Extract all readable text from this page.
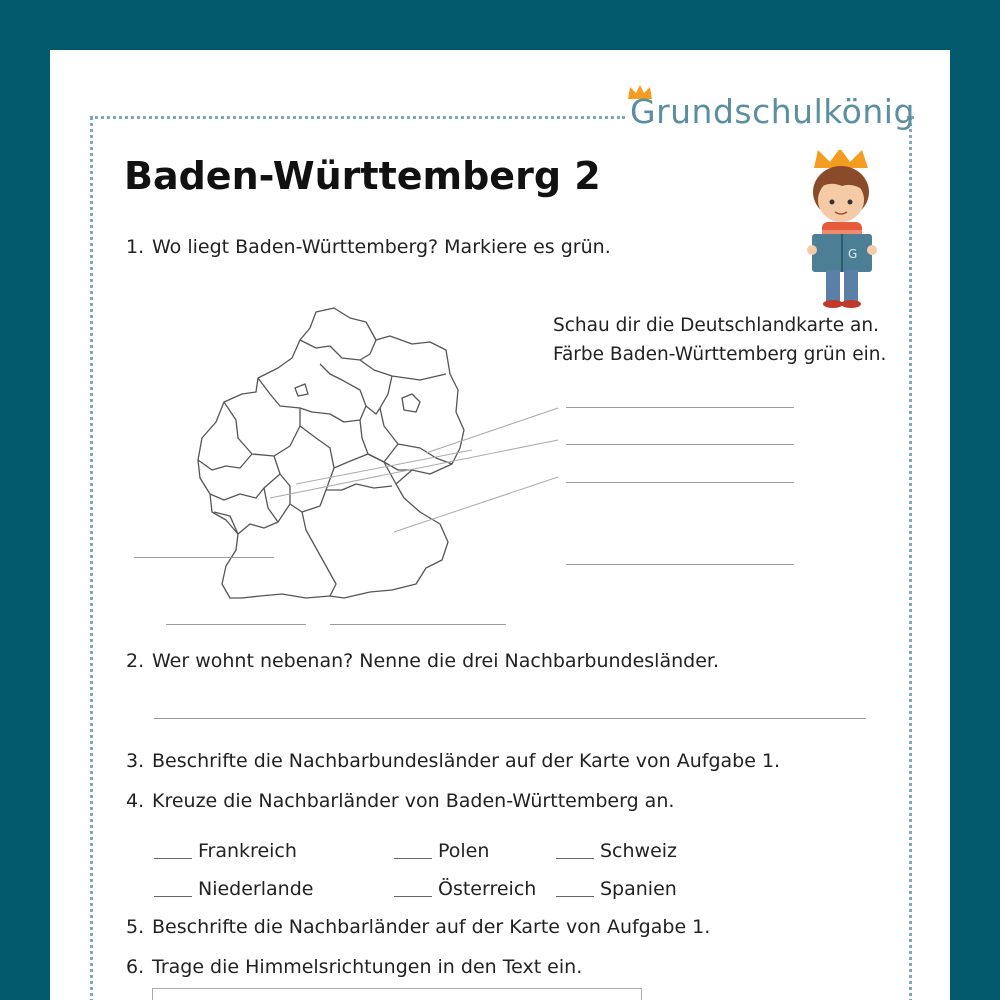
Grundschulkönig
Baden-Württemberg 2
G
1. Wo liegt Baden-Württemberg? Markiere es grün.
Schau dir die Deutschlandkarte an.
Färbe Baden-Württemberg grün ein.
2. Wer wohnt nebenan? Nenne die drei Nachbarbundesländer.
3. Beschrifte die Nachbarbundesländer auf der Karte von Aufgabe 1.
4. Kreuze die Nachbarländer von Baden-Württemberg an.
Frankreich	Polen	Schweiz
Niederlande	Österreich	Spanien
5. Beschrifte die Nachbarländer auf der Karte von Aufgabe 1.
6. Trage die Himmelsrichtungen in den Text ein.
